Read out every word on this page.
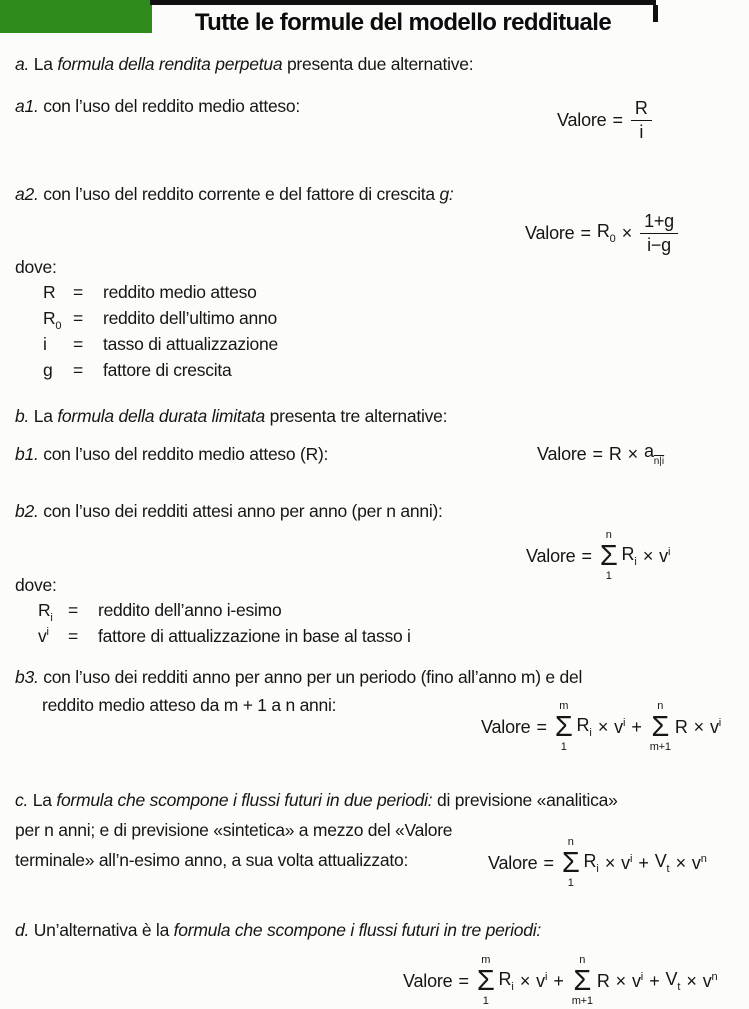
Tutte le formule del modello reddituale
a. La formula della rendita perpetua presenta due alternative:
a1. con l’uso del reddito medio atteso:
Valore = $\frac{R}{i}$
a2. con l’uso del reddito corrente e del fattore di crescita g:
Valore = $R_0 \times \frac{1+g}{i-g}$
dove:
R	=	reddito medio atteso
$R_0$ =	reddito dell’ultimo anno
i	=	tasso di attualizzazione
g	=	fattore di crescita
b. La formula della durata limitata presenta tre alternative:
b1. con l’uso del reddito medio atteso (R):	Valore = $R \times a_{n|i}$
b2. con l’uso dei redditi attesi anno per anno (per n anni):
Valore =
n
Σ
1
$R_i \times v^i$
dove:
$R_i$ =	reddito dell’anno i-esimo
$v^i$	=	fattore di attualizzazione in base al tasso i
b3. con l’uso dei redditi anno per anno per un periodo (fino all’anno m) e del
reddito medio atteso da m + 1 a n anni:
Valore =
m
Σ
1
$R_i \times v^i$ +
n
Σ
m+1
$R \times v^i$
c. La formula che scompone i flussi futuri in due periodi: di previsione «analitica»
per n anni; e di previsione «sintetica» a mezzo del «Valore
terminale» all’n-esimo anno, a sua volta attualizzato:	Valore =
n
Σ
1
$R_i \times v^i + V_t \times v^n$
d. Un’alternativa è la formula che scompone i flussi futuri in tre periodi:
Valore =
m
Σ
1
$R_i \times v^i$ +
n
Σ
m+1
$R \times v^i + V_t \times v^n$
